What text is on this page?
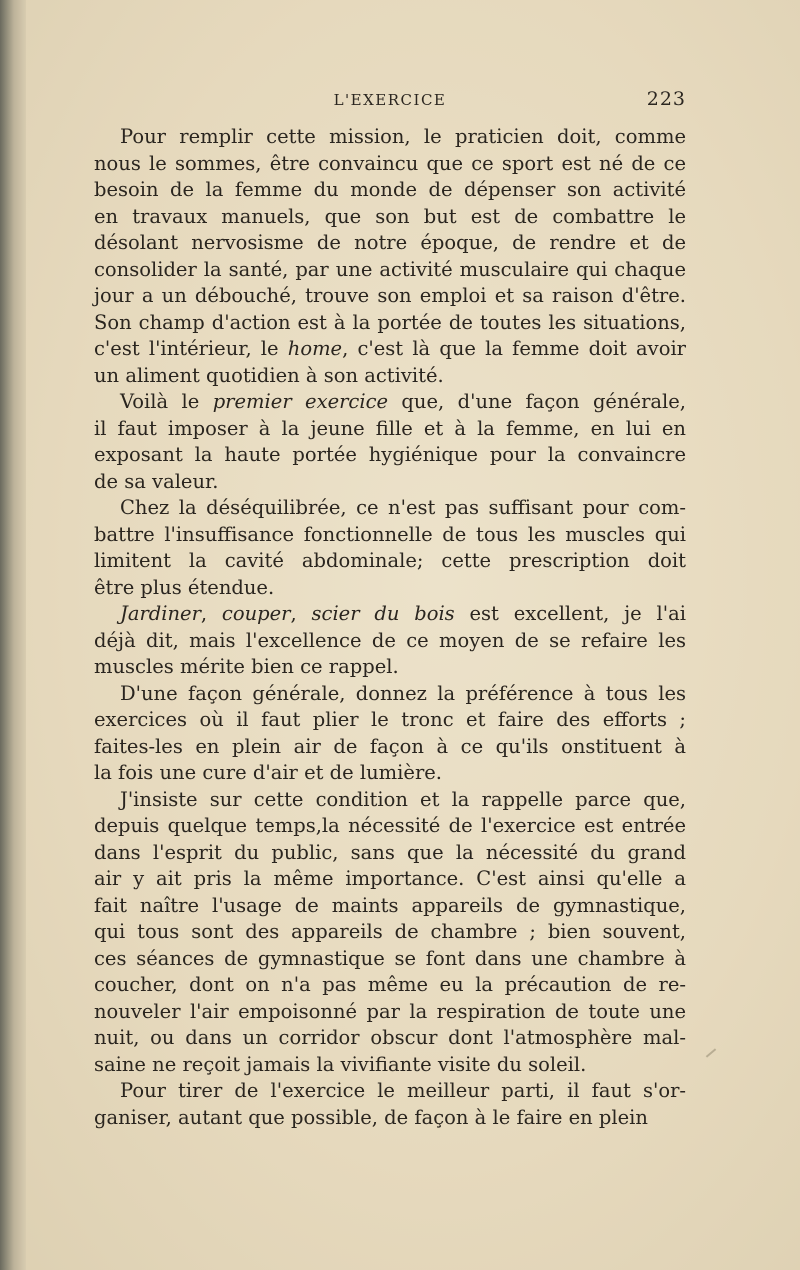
L'EXERCICE	223
Pour remplir cette mission, le praticien doit, comme
nous le sommes, être convaincu que ce sport est né de ce
besoin de la femme du monde de dépenser son activité
en travaux manuels, que son but est de combattre le
désolant nervosisme de notre époque, de rendre et de
consolider la santé, par une activité musculaire qui chaque
jour a un débouché, trouve son emploi et sa raison d'être.
Son champ d'action est à la portée de toutes les situations,
c'est l'intérieur, le home, c'est là que la femme doit avoir
un aliment quotidien à son activité.
Voilà le premier exercice que, d'une façon générale,
il faut imposer à la jeune fille et à la femme, en lui en
exposant la haute portée hygiénique pour la convaincre
de sa valeur.
Chez la déséquilibrée, ce n'est pas suffisant pour com-
battre l'insuffisance fonctionnelle de tous les muscles qui
limitent la cavité abdominale; cette prescription doit
être plus étendue.
Jardiner, couper, scier du bois est excellent, je l'ai
déjà dit, mais l'excellence de ce moyen de se refaire les
muscles mérite bien ce rappel.
D'une façon générale, donnez la préférence à tous les
exercices où il faut plier le tronc et faire des efforts ;
faites-les en plein air de façon à ce qu'ils onstituent à
la fois une cure d'air et de lumière.
J'insiste sur cette condition et la rappelle parce que,
depuis quelque temps,la nécessité de l'exercice est entrée
dans l'esprit du public, sans que la nécessité du grand
air y ait pris la même importance. C'est ainsi qu'elle a
fait naître l'usage de maints appareils de gymnastique,
qui tous sont des appareils de chambre ; bien souvent,
ces séances de gymnastique se font dans une chambre à
coucher, dont on n'a pas même eu la précaution de re-
nouveler l'air empoisonné par la respiration de toute une
nuit, ou dans un corridor obscur dont l'atmosphère mal-
saine ne reçoit jamais la vivifiante visite du soleil.
Pour tirer de l'exercice le meilleur parti, il faut s'or-
ganiser, autant que possible, de façon à le faire en plein
